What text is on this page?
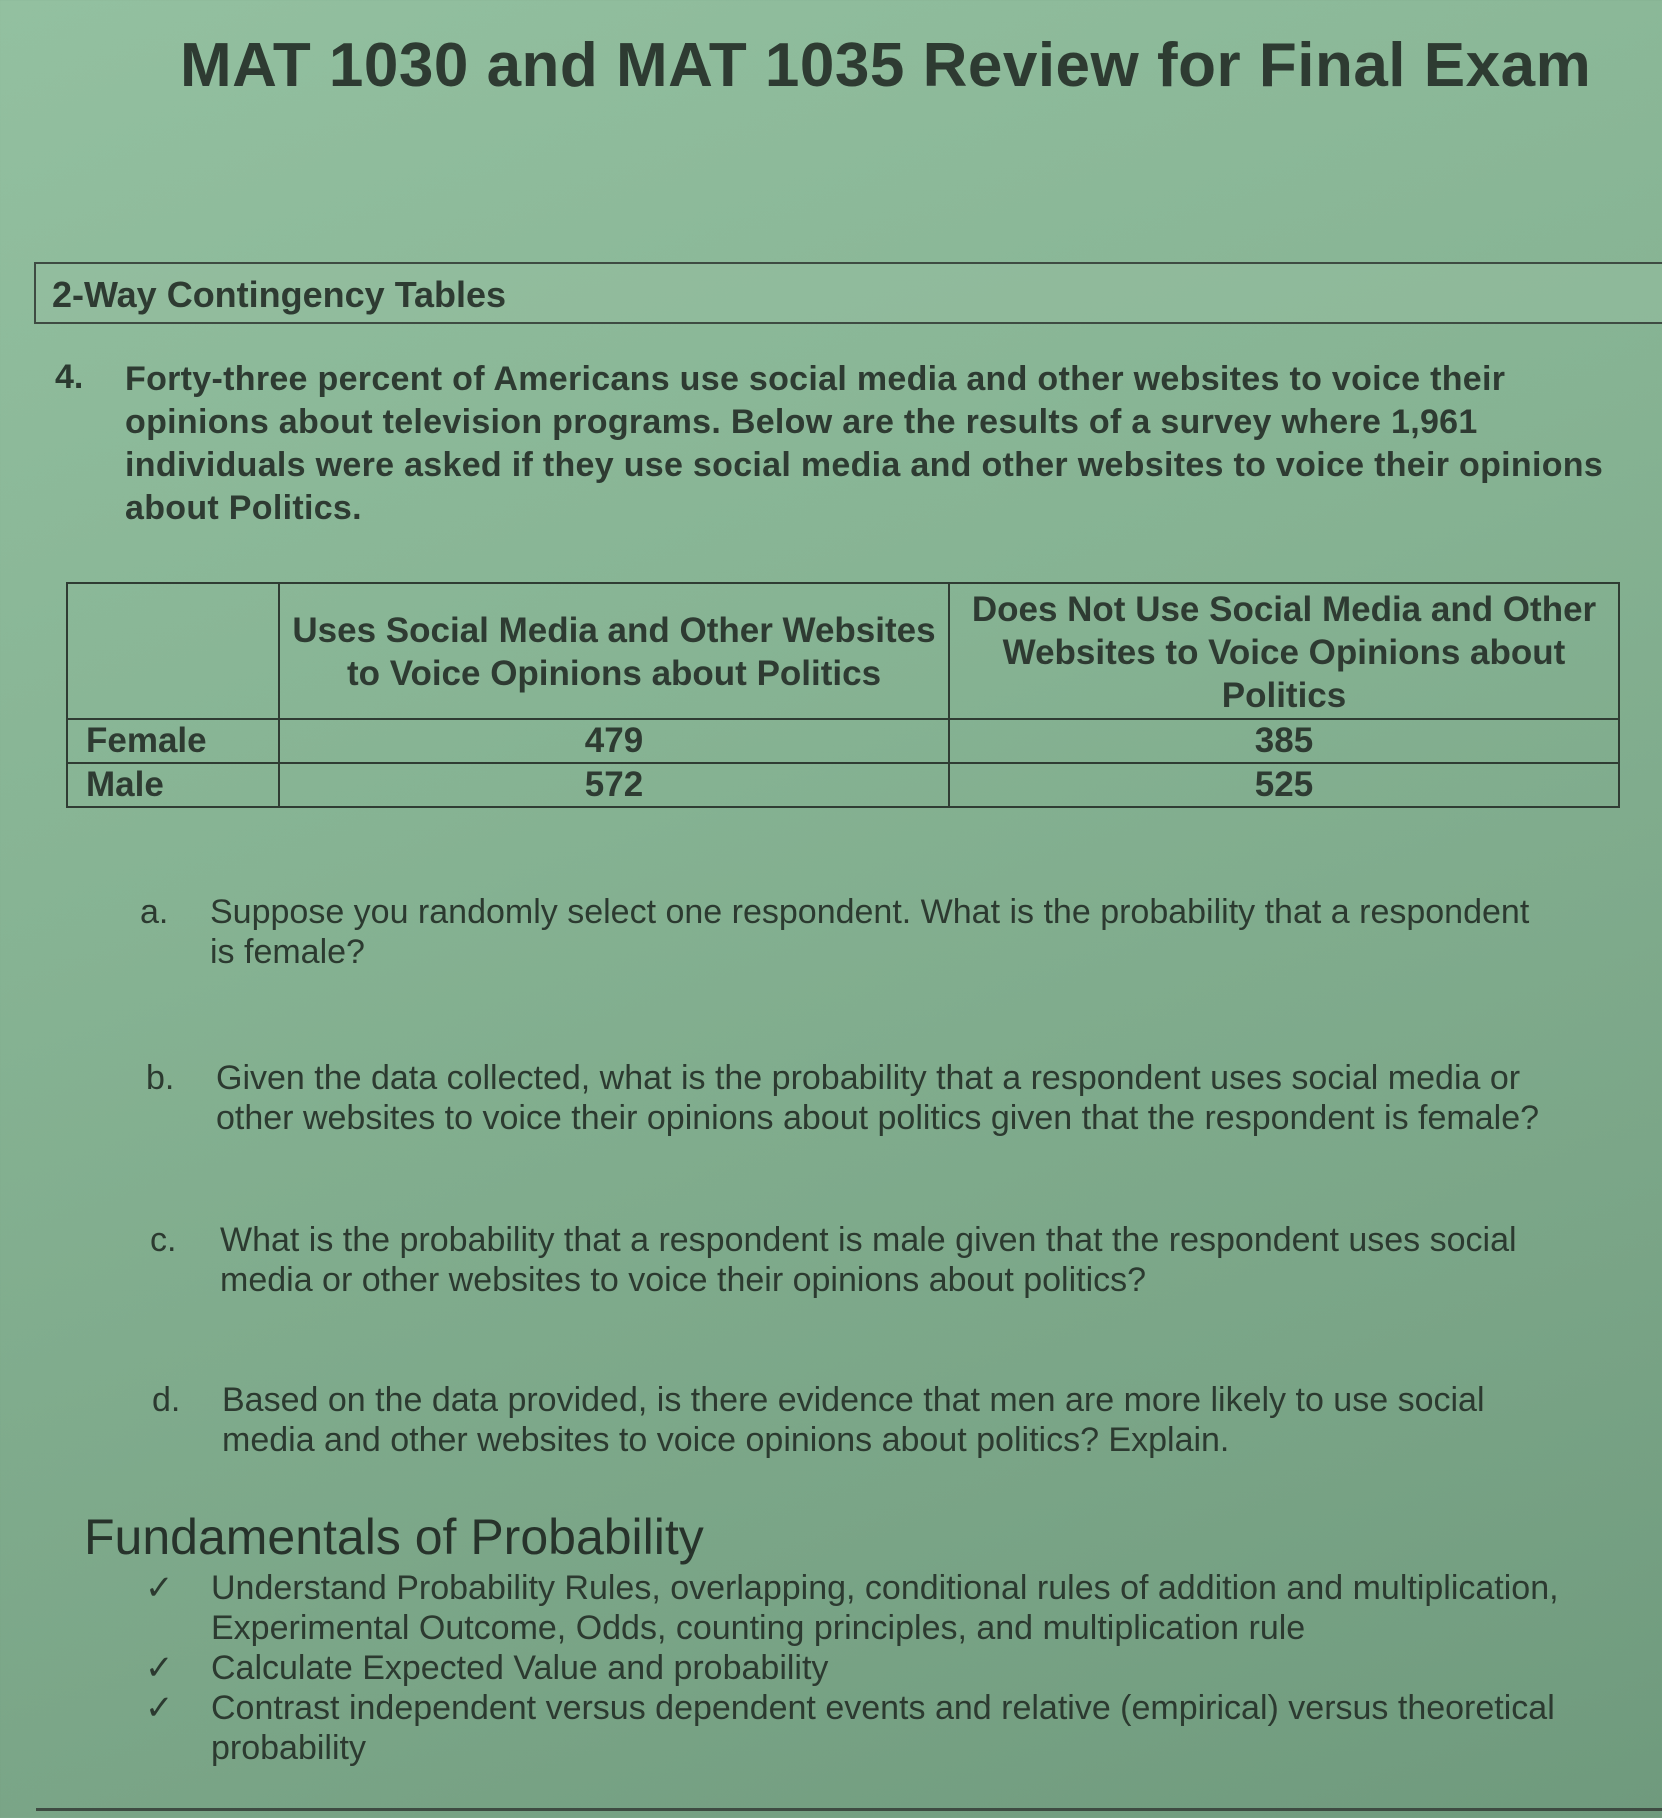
MAT 1030 and MAT 1035 Review for Final Exam
2-Way Contingency Tables
4. Forty-three percent of Americans use social media and other websites to voice their opinions about television programs. Below are the results of a survey where 1,961 individuals were asked if they use social media and other websites to voice their opinions about Politics.

	Uses Social Media and Other Websites to Voice Opinions about Politics	Does Not Use Social Media and Other Websites to Voice Opinions about Politics
Female	479	385
Male	572	525
a. Suppose you randomly select one respondent. What is the probability that a respondent is female?

b. Given the data collected, what is the probability that a respondent uses social media or other websites to voice their opinions about politics given that the respondent is female?

c. What is the probability that a respondent is male given that the respondent uses social media or other websites to voice their opinions about politics?

d. Based on the data provided, is there evidence that men are more likely to use social media and other websites to voice opinions about politics? Explain.

Fundamentals of Probability
✓ Understand Probability Rules, overlapping, conditional rules of addition and multiplication, Experimental Outcome, Odds, counting principles, and multiplication rule
✓ Calculate Expected Value and probability
✓ Contrast independent versus dependent events and relative (empirical) versus theoretical probability
